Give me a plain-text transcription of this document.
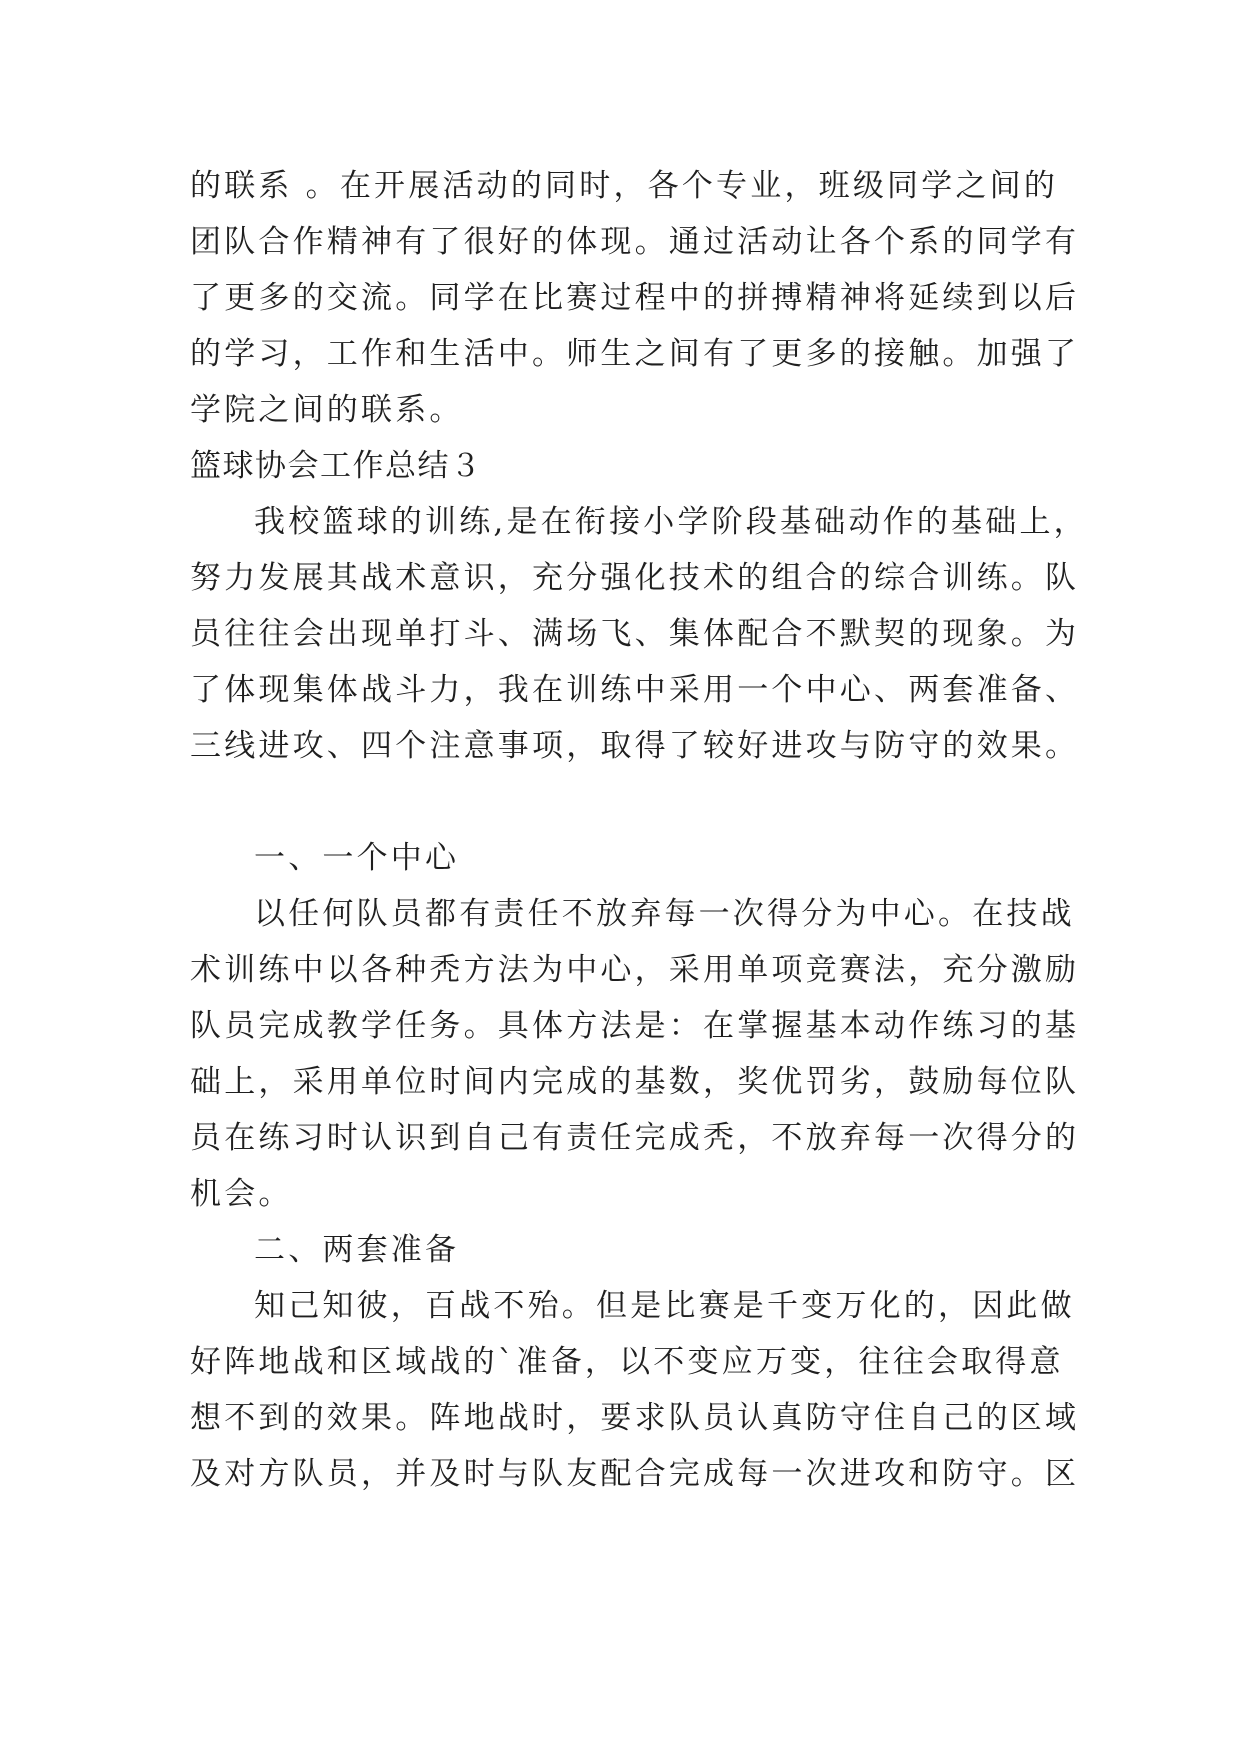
的联系 。在开展活动的同时，各个专业，班级同学之间的
团队合作精神有了很好的体现。通过活动让各个系的同学有
了更多的交流。同学在比赛过程中的拼搏精神将延续到以后
的学习，工作和生活中。师生之间有了更多的接触。加强了
学院之间的联系。
篮球协会工作总结３
我校篮球的训练,是在衔接小学阶段基础动作的基础上，
努力发展其战术意识，充分强化技术的组合的综合训练。队
员往往会出现单打斗、满场飞、集体配合不默契的现象。为
了体现集体战斗力，我在训练中采用一个中心、两套准备、
三线进攻、四个注意事项，取得了较好进攻与防守的效果。
一、一个中心
以任何队员都有责任不放弃每一次得分为中心。在技战
术训练中以各种秃方法为中心，采用单项竞赛法，充分激励
队员完成教学任务。具体方法是：在掌握基本动作练习的基
础上，采用单位时间内完成的基数，奖优罚劣，鼓励每位队
员在练习时认识到自己有责任完成秃，不放弃每一次得分的
机会。
二、两套准备
知己知彼，百战不殆。但是比赛是千变万化的，因此做
好阵地战和区域战的`准备，以不变应万变，往往会取得意
想不到的效果。阵地战时，要求队员认真防守住自己的区域
及对方队员，并及时与队友配合完成每一次进攻和防守。区
